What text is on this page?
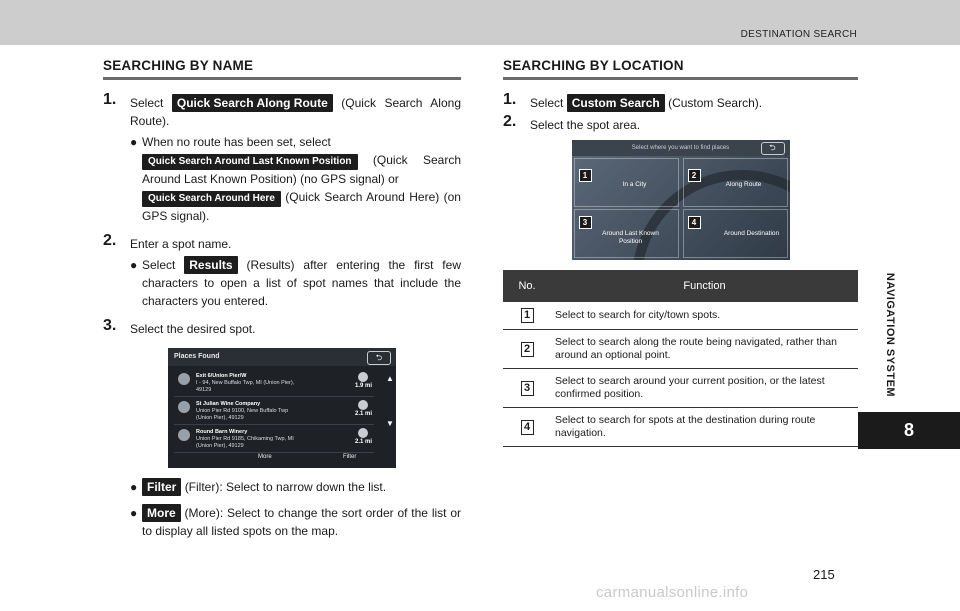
DESTINATION SEARCH
NAVIGATION SYSTEM
8
SEARCHING BY NAME
1. Select Quick Search Along Route (Quick Search Along Route).
● When no route has been set, select
Quick Search Around Last Known Position (Quick Search Around Last Known Position) (no GPS signal) or
Quick Search Around Here (Quick Search Around Here) (on GPS signal).
2. Enter a spot name.
● Select Results (Results) after entering the first few characters to open a list of spot names that include the characters you entered.
3. Select the desired spot.
Places Found	⮌
Exit 6/Union Pier/W
I - 94, New Buffalo Twp, MI (Union Pier),
49129
1.9 mi
St Julian Wine Company
Union Pier Rd 9100, New Buffalo Twp
(Union Pier), 49129
2.1 mi
Round Barn Winery
Union Pier Rd 9185, Chikaming Twp, MI
(Union Pier), 49129
2.1 mi
▲

▼
More	Filter
● Filter (Filter): Select to narrow down the list.
● More (More): Select to change the sort order of the list or to display all listed spots on the map.
SEARCHING BY LOCATION
1. Select Custom Search (Custom Search).
2. Select the spot area.
Select where you want to find places	⮌
1
In a City
2
Along Route
3
Around Last Known Position
4
Around Destination
No.	Function
1	Select to search for city/town spots.
2	Select to search along the route being navigated, rather than around an optional point.
3	Select to search around your current position, or the latest confirmed position.
4	Select to search for spots at the destination during route navigation.
215
carmanualsonline.info
